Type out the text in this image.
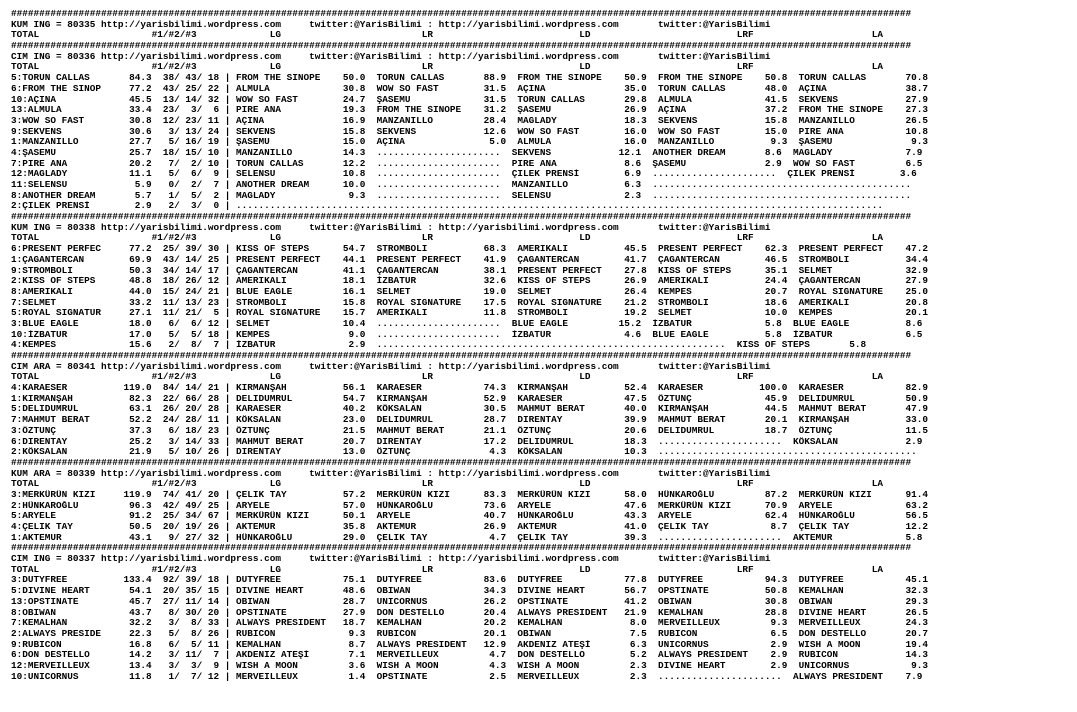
################################################################################################################################################################
KUM ING = 80335 http://yarisbilimi.wordpress.com     twitter:@YarisBilimi : http://yarisbilimi.wordpress.com       twitter:@YarisBilimi
TOTAL                    #1/#2/#3             LG                         LR                          LD                          LRF                     LA
################################################################################################################################################################
CIM ING = 80336 http://yarisbilimi.wordpress.com     twitter:@YarisBilimi : http://yarisbilimi.wordpress.com       twitter:@YarisBilimi
TOTAL                    #1/#2/#3             LG                         LR                          LD                          LRF                     LA
5:TORUN CALLAS       84.3  38/ 43/ 18 | FROM THE SINOPE    50.0  TORUN CALLAS       88.9  FROM THE SINOPE    50.9  FROM THE SINOPE    50.8  TORUN CALLAS       70.8
6:FROM THE SINOP     77.2  43/ 25/ 22 | ALMULA             30.8  WOW SO FAST        31.5  AÇINA              35.0  TORUN CALLAS       48.0  AÇINA              38.7
10:AÇINA             45.5  13/ 14/ 32 | WOW SO FAST        24.7  ŞASEMU             31.5  TORUN CALLAS       29.8  ALMULA             41.5  SEKVENS            27.9
13:ALMULA            33.4  23/  3/  6 | PIRE ANA           19.3  FROM THE SINOPE    31.2  ŞASEMU             26.9  AÇINA              37.2  FROM THE SINOPE    27.3
3:WOW SO FAST        30.8  12/ 23/ 11 | AÇINA              16.9  MANZANILLO         28.4  MAGLADY            18.3  SEKVENS            15.8  MANZANILLO         26.5
9:SEKVENS            30.6   3/ 13/ 24 | SEKVENS            15.8  SEKVENS            12.6  WOW SO FAST        16.0  WOW SO FAST        15.0  PIRE ANA           10.8
1:MANZANILLO         27.7   5/ 16/ 19 | ŞASEMU             15.0  AÇINA               5.0  ALMULA             16.0  MANZANILLO          9.3  ŞASEMU              9.3
4:ŞASEMU             25.7  18/ 15/ 10 | MANZANILLO         14.3  ......................  SEKVENS            12.1  ANOTHER DREAM       8.6  MAGLADY             7.9
7:PIRE ANA           20.2   7/  2/ 10 | TORUN CALLAS       12.2  ......................  PIRE ANA            8.6  ŞASEMU              2.9  WOW SO FAST         6.5
12:MAGLADY           11.1   5/  6/  9 | SELENSU            10.8  ......................  ÇILEK PRENSİ        6.9  ......................  ÇILEK PRENSİ        3.6
11:SELENSU            5.9   0/  2/  7 | ANOTHER DREAM      10.0  ......................  MANZANILLO          6.3  ..............................................
8:ANOTHER DREAM       5.7   1/  5/  2 | MAGLADY             9.3  ......................  SELENSU             2.3  ..............................................
2:ÇILEK PRENSİ        2.9   2/  3/  0 | ...................................................................................................................
################################################################################################################################################################
KUM ING = 80338 http://yarisbilimi.wordpress.com     twitter:@YarisBilimi : http://yarisbilimi.wordpress.com       twitter:@YarisBilimi
TOTAL                    #1/#2/#3             LG                         LR                          LD                          LRF                     LA
6:PRESENT PERFEC     77.2  25/ 39/ 30 | KISS OF STEPS      54.7  STROMBOLI          68.3  AMERIKALI          45.5  PRESENT PERFECT    62.3  PRESENT PERFECT    47.2
1:ÇAGANTERCAN        69.9  43/ 14/ 25 | PRESENT PERFECT    44.1  PRESENT PERFECT    41.9  ÇAGANTERCAN        41.7  ÇAGANTERCAN        46.5  STROMBOLI          34.4
9:STROMBOLI          50.3  34/ 14/ 17 | ÇAGANTERCAN        41.1  ÇAGANTERCAN        38.1  PRESENT PERFECT    27.8  KISS OF STEPS      35.1  SELMET             32.9
2:KISS OF STEPS      48.8  18/ 26/ 12 | AMERIKALI          18.1  İZBATUR            32.6  KISS OF STEPS      26.9  AMERIKALI          24.4  ÇAGANTERCAN        27.9
8:AMERIKALI          44.0  15/ 24/ 21 | BLUE EAGLE         16.1  SELMET             19.0  SELMET             26.4  KEMPES             20.7  ROYAL SIGNATURE    25.0
7:SELMET             33.2  11/ 13/ 23 | STROMBOLI          15.8  ROYAL SIGNATURE    17.5  ROYAL SIGNATURE    21.2  STROMBOLI          18.6  AMERIKALI          20.8
5:ROYAL SIGNATUR     27.1  11/ 21/  5 | ROYAL SIGNATURE    15.7  AMERIKALI          11.8  STROMBOLI          19.2  SELMET             10.0  KEMPES             20.1
3:BLUE EAGLE         18.0   6/  6/ 12 | SELMET             10.4  ......................  BLUE EAGLE         15.2  İZBATUR             5.8  BLUE EAGLE          8.6
10:İZBATUR           17.0   5/  5/ 18 | KEMPES              9.0  ......................  İZBATUR             4.6  BLUE EAGLE          5.8  İZBATUR             6.5
4:KEMPES             15.6   2/  8/  7 | İZBATUR             2.9  ..............................................................  KISS OF STEPS       5.8
################################################################################################################################################################
CIM ARA = 80341 http://yarisbilimi.wordpress.com     twitter:@YarisBilimi : http://yarisbilimi.wordpress.com       twitter:@YarisBilimi
TOTAL                    #1/#2/#3             LG                         LR                          LD                          LRF                     LA
4:KARAESER          119.0  84/ 14/ 21 | KIRMANŞAH          56.1  KARAESER           74.3  KIRMANŞAH          52.4  KARAESER          100.0  KARAESER           82.9
1:KIRMANŞAH          82.3  22/ 66/ 28 | DELIDUMRUL         54.7  KIRMANŞAH          52.9  KARAESER           47.5  ÖZTUNÇ             45.9  DELIDUMRUL         50.9
5:DELIDUMRUL         63.1  26/ 20/ 28 | KARAESER           40.2  KÖKSALAN           30.5  MAHMUT BERAT       40.0  KIRMANŞAH          44.5  MAHMUT BERAT       47.9
7:MAHMUT BERAT       52.2  24/ 28/ 11 | KÖKSALAN           23.0  DELIDUMRUL         28.7  DIRENTAY           39.9  MAHMUT BERAT       20.1  KIRMANŞAH          33.0
3:ÖZTUNÇ             37.3   6/ 18/ 23 | ÖZTUNÇ             21.5  MAHMUT BERAT       21.1  ÖZTUNÇ             20.6  DELIDUMRUL         18.7  ÖZTUNÇ             11.5
6:DIRENTAY           25.2   3/ 14/ 33 | MAHMUT BERAT       20.7  DIRENTAY           17.2  DELIDUMRUL         18.3  ......................  KÖKSALAN            2.9
2:KÖKSALAN           21.9   5/ 10/ 26 | DIRENTAY           13.0  ÖZTUNÇ              4.3  KÖKSALAN           10.3  ..............................................
################################################################################################################################################################
KUM ARA = 80339 http://yarisbilimi.wordpress.com     twitter:@YarisBilimi : http://yarisbilimi.wordpress.com       twitter:@YarisBilimi
TOTAL                    #1/#2/#3             LG                         LR                          LD                          LRF                     LA
3:MERKÜRÜN KIZI     119.9  74/ 41/ 20 | ÇELIK TAY          57.2  MERKÜRÜN KIZI      83.3  MERKÜRÜN KIZI      58.0  HÜNKAROĞLU         87.2  MERKÜRÜN KIZI      91.4
2:HÜNKAROĞLU         96.3  42/ 49/ 25 | ARYELE             57.0  HÜNKAROĞLU         73.6  ARYELE             47.6  MERKÜRÜN KIZI      70.9  ARYELE             63.2
5:ARYELE             91.2  25/ 34/ 67 | MERKÜRÜN KIZI      50.1  ARYELE             40.7  HÜNKAROĞLU         43.3  ARYELE             62.4  HÜNKAROĞLU         56.5
4:ÇELIK TAY          50.5  20/ 19/ 26 | AKTEMUR            35.8  AKTEMUR            26.9  AKTEMUR            41.0  ÇELIK TAY           8.7  ÇELIK TAY          12.2
1:AKTEMUR            43.1   9/ 27/ 32 | HÜNKAROĞLU         29.0  ÇELIK TAY           4.7  ÇELIK TAY          39.3  ......................  AKTEMUR             5.8
################################################################################################################################################################
CIM ING = 80337 http://yarisbilimi.wordpress.com     twitter:@YarisBilimi : http://yarisbilimi.wordpress.com       twitter:@YarisBilimi
TOTAL                    #1/#2/#3             LG                         LR                          LD                          LRF                     LA
3:DUTYFREE          133.4  92/ 39/ 18 | DUTYFREE           75.1  DUTYFREE           83.6  DUTYFREE           77.8  DUTYFREE           94.3  DUTYFREE           45.1
5:DIVINE HEART       54.1  20/ 35/ 15 | DIVINE HEART       48.6  OBIWAN             34.3  DIVINE HEART       56.7  OPSTINATE          50.8  KEMALHAN           32.3
13:OPSTINATE         45.7  27/ 11/ 14 | OBIWAN             28.7  UNICORNUS          26.2  OPSTINATE          41.2  OBIWAN             30.8  OBIWAN             29.3
8:OBIWAN             43.7   8/ 30/ 20 | OPSTINATE          27.9  DON DESTELLO       20.4  ALWAYS PRESIDENT   21.9  KEMALHAN           28.8  DIVINE HEART       26.5
7:KEMALHAN           32.2   3/  8/ 33 | ALWAYS PRESIDENT   18.7  KEMALHAN           20.2  KEMALHAN            8.0  MERVEILLEUX         9.3  MERVEILLEUX        24.3
2:ALWAYS PRESIDE     22.3   5/  8/ 26 | RUBICON             9.3  RUBICON            20.1  OBIWAN              7.5  RUBICON             6.5  DON DESTELLO       20.7
9:RUBICON            16.8   6/  5/ 11 | KEMALHAN            8.7  ALWAYS PRESIDENT   12.9  AKDENIZ ATEŞİ       6.3  UNICORNUS           2.9  WISH A MOON        19.4
6:DON DESTELLO       14.2   3/ 11/  7 | AKDENIZ ATEŞİ       7.1  MERVEILLEUX         4.7  DON DESTELLO        5.2  ALWAYS PRESIDENT    2.9  RUBICON            14.3
12:MERVEILLEUX       13.4   3/  3/  9 | WISH A MOON         3.6  WISH A MOON         4.3  WISH A MOON         2.3  DIVINE HEART        2.9  UNICORNUS           9.3
10:UNICORNUS         11.8   1/  7/ 12 | MERVEILLEUX         1.4  OPSTINATE           2.5  MERVEILLEUX         2.3  ......................  ALWAYS PRESIDENT    7.9
